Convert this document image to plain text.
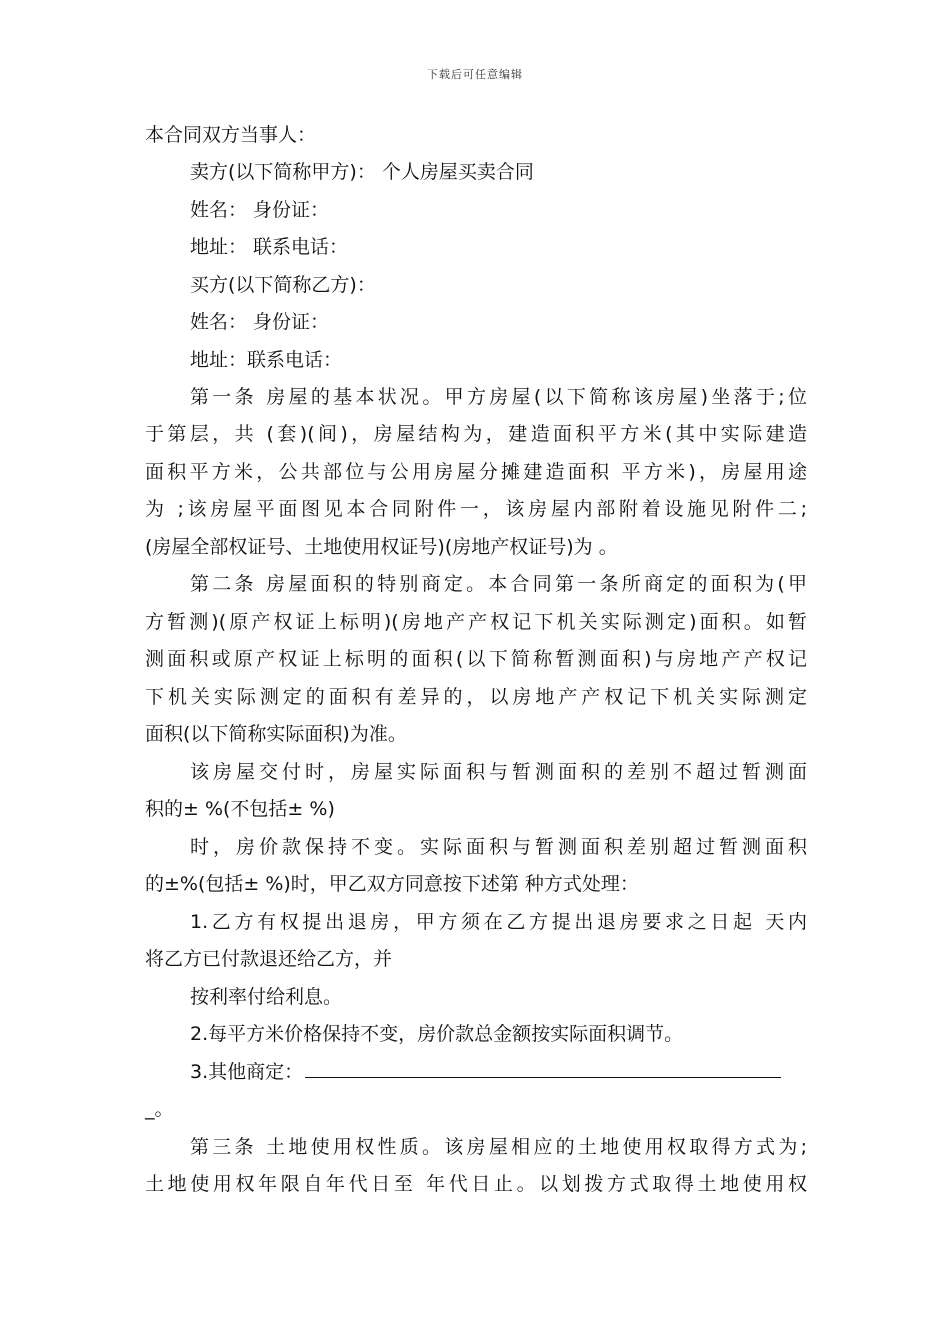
下载后可任意编辑
本合同双方当事人：
卖方(以下简称甲方)： 个人房屋买卖合同
姓名： 身份证：
地址： 联系电话：
买方(以下简称乙方)：
姓名： 身份证：
地址：联系电话：
第一条 房屋的基本状况。甲方房屋(以下简称该房屋)坐落于;位
于第层，共 (套)(间)，房屋结构为，建造面积平方米(其中实际建造
面积平方米，公共部位与公用房屋分摊建造面积 平方米)，房屋用途
为 ;该房屋平面图见本合同附件一，该房屋内部附着设施见附件二;
(房屋全部权证号、土地使用权证号)(房地产权证号)为 。
第二条 房屋面积的特别商定。本合同第一条所商定的面积为(甲
方暂测)(原产权证上标明)(房地产产权记下机关实际测定)面积。如暂
测面积或原产权证上标明的面积(以下简称暂测面积)与房地产产权记
下机关实际测定的面积有差异的，以房地产产权记下机关实际测定
面积(以下简称实际面积)为准。
该房屋交付时，房屋实际面积与暂测面积的差别不超过暂测面
积的± %(不包括± %)
时，房价款保持不变。实际面积与暂测面积差别超过暂测面积
的±%(包括± %)时，甲乙双方同意按下述第 种方式处理：
1.乙方有权提出退房，甲方须在乙方提出退房要求之日起 天内
将乙方已付款退还给乙方，并
按利率付给利息。
2.每平方米价格保持不变，房价款总金额按实际面积调节。
3.其他商定：
_。
第三条 土地使用权性质。该房屋相应的土地使用权取得方式为;
土地使用权年限自年代日至 年代日止。以划拨方式取得土地使用权
